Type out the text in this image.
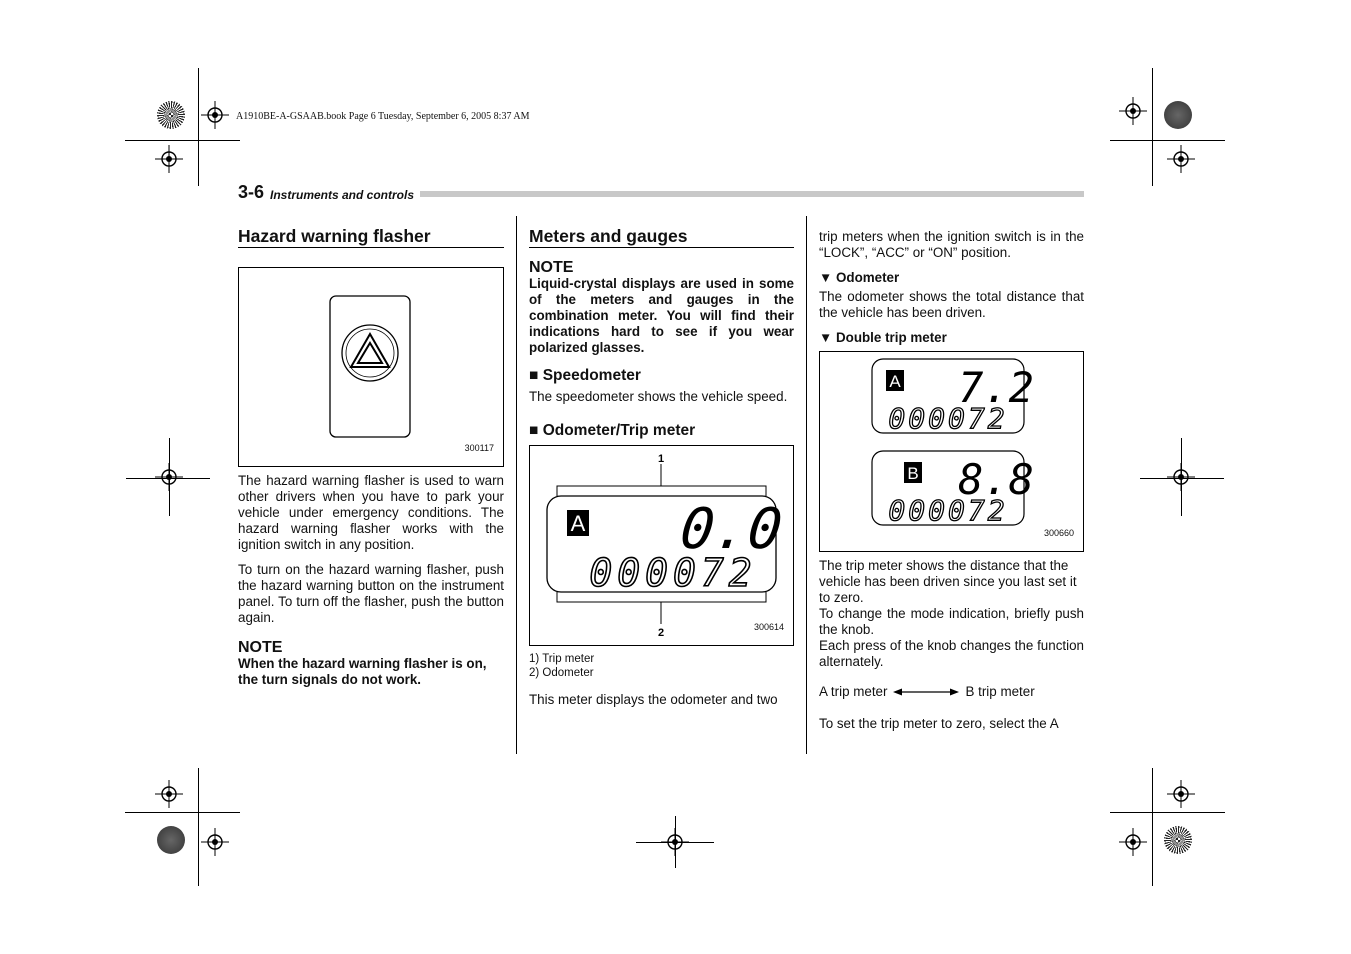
A1910BE-A-GSAAB.book Page 6 Tuesday, September 6, 2005 8:37 AM
3-6 Instruments and controls
Hazard warning flasher
300117

The hazard warning flasher is used to warn other drivers when you have to park your vehicle under emergency conditions. The hazard warning flasher works with the ignition switch in any position.

To turn on the hazard warning flasher, push the hazard warning button on the instrument panel. To turn off the flasher, push the button again.

NOTE
When the hazard warning flasher is on, the turn signals do not work.
Meters and gauges
NOTE
Liquid-crystal displays are used in some of the meters and gauges in the combination meter. You will find their indications hard to see if you wear polarized glasses.
■ Speedometer

The speedometer shows the vehicle speed.

■ Odometer/Trip meter
A 0.0
000072
1
2	300614
1) Trip meter
2) Odometer

This meter displays the odometer and two

trip meters when the ignition switch is in the “LOCK”, “ACC” or “ON” position.

▼ Odometer

The odometer shows the total distance that the vehicle has been driven.

▼ Double trip meter
A 7.2
000072
B 8.8
000072
300660

The trip meter shows the distance that the vehicle has been driven since you last set it to zero.

To change the mode indication, briefly push the knob.

Each press of the knob changes the function alternately.

A trip meter	B trip meter

To set the trip meter to zero, select the A
